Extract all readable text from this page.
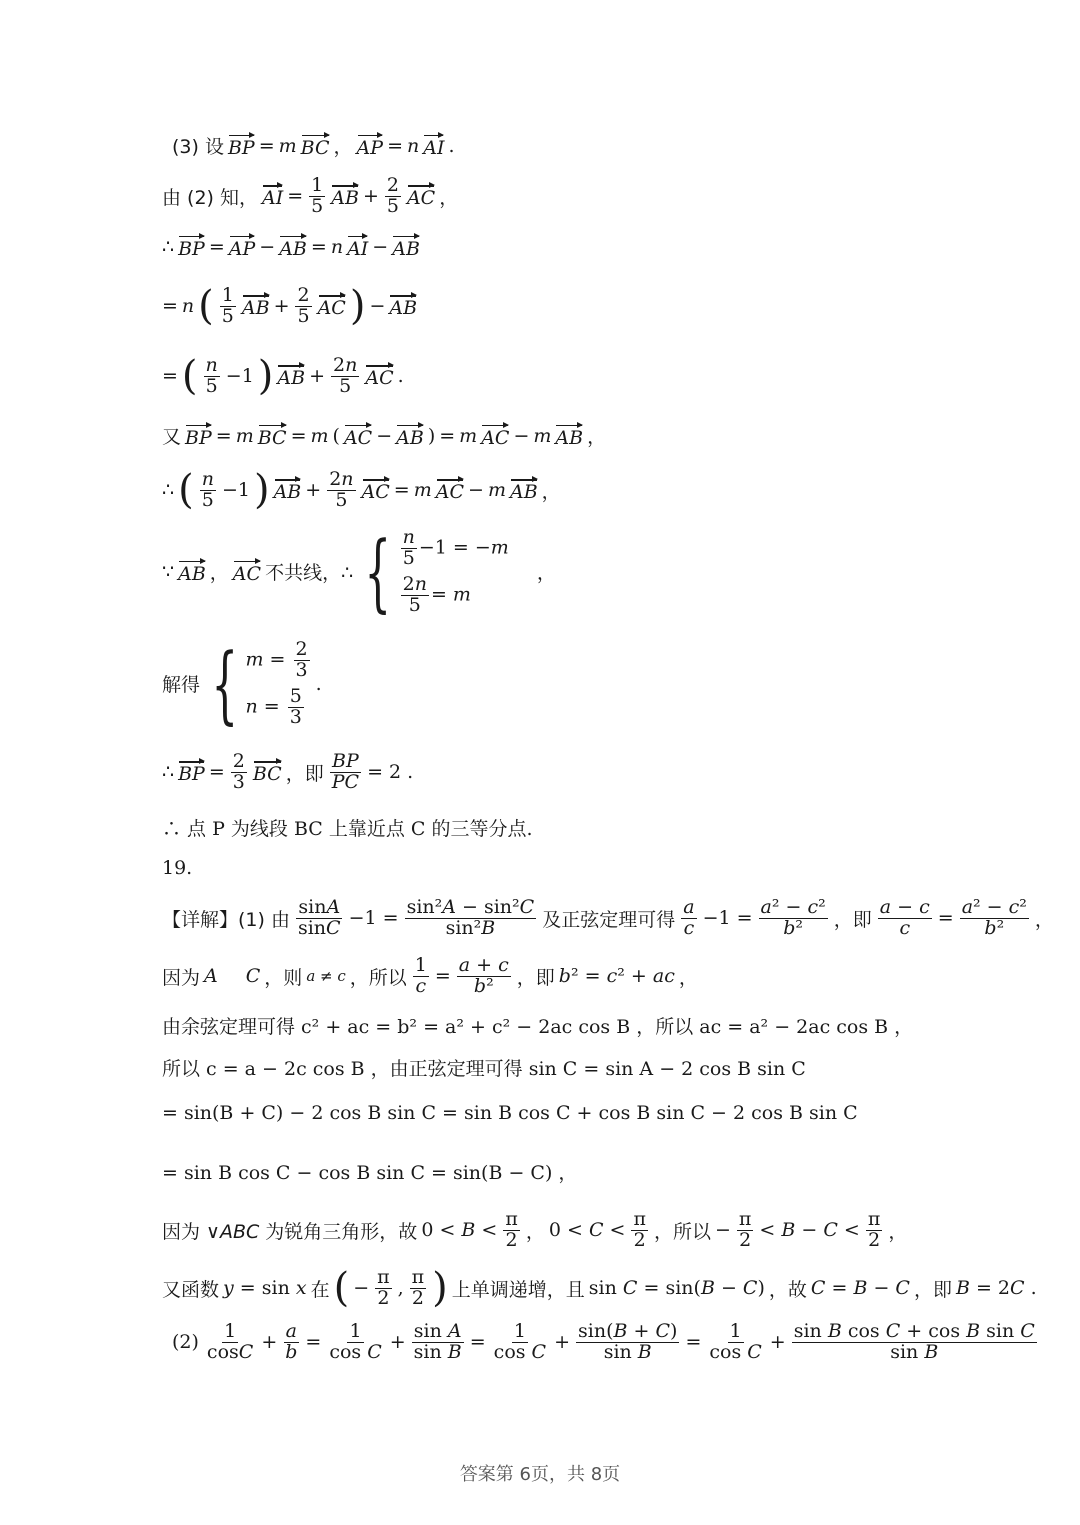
(3) 设 BP = m BC ， AP = n AI .
由 (2) 知， AI = $\frac{1}{5}$ AB + $\frac{2}{5}$ AC ，
∴ BP = AP − AB = n AI − AB
= n ( $\frac{1}{5}$ AB + $\frac{2}{5}$ AC ) − AB
= ( $\frac{n}{5} -1$ ) AB + $\frac{2n}{5}$ AC .
又 BP = m BC = m ( AC − AB ) = m AC − m AB ，
∴ ( $\frac{n}{5} -1$ ) AB + $\frac{2n}{5}$ AC = m AC − m AB ，
∵ AB ， AC 不共线，∴ { $\frac{n}{5} -1 = -m$
$\frac{2n}{5} = m$
，
解得 { $m = \frac{2}{3}$
$n = \frac{5}{3}$
.
∴ BP = $\frac{2}{3}$ BC ，即 $\frac{BP}{PC} = 2$ .
∴ 点 P 为线段 BC 上靠近点 C 的三等分点.
19.
【详解】(1) 由 $\frac{\sin A}{\sin C} -1 = \frac{\text{sin²A − sin²C}}{\text{sin²B}}$ 及正弦定理可得 $\frac{a}{c} -1 = \frac{\text{a² − c²}}{\text{b²}}$ ，即 $\frac{a - c}{c} = \frac{\text{a² − c²}}{\text{b²}}$ ，
因为 A C ，则 a ≠ c ，所以 $\frac{1}{c} = \frac{a + c}{\text{b²}}$ ，即 b² = c² + ac ，
由余弦定理可得 c² + ac = b² = a² + c² − 2ac cos B ，所以 ac = a² − 2ac cos B ，
所以 c = a − 2c cos B ，由正弦定理可得 sin C = sin A − 2 cos B sin C
= sin(B + C) − 2 cos B sin C = sin B cos C + cos B sin C − 2 cos B sin C
= sin B cos C − cos B sin C = sin(B − C) ，
因为 ∨ABC 为锐角三角形，故 $0 < B < \frac{\pi}{2}$ ， $0 < C < \frac{\pi}{2}$ ，所以 − $\frac{\pi}{2} < B - C < \frac{\pi}{2}$ ，
又函数 y = sin x 在 ( − $\frac{\pi}{2}$ , $\frac{\pi}{2}$ ) 上单调递增，且 sin C = sin(B − C) ，故 C = B − C ，即 B = 2C .
$(2) \frac{1}{\cos C} + \frac{a}{b} = \frac{1}{\text{cos C}} + \frac{\text{sin A}}{\text{sin B}} = \frac{1}{\text{cos C}} + \frac{\sin(B + C)}{\text{sin B}} = \frac{1}{\text{cos C}} + \frac{\text{sin B cos C + cos B sin C}}{\text{sin B}}$
答案第 6页，共 8页
